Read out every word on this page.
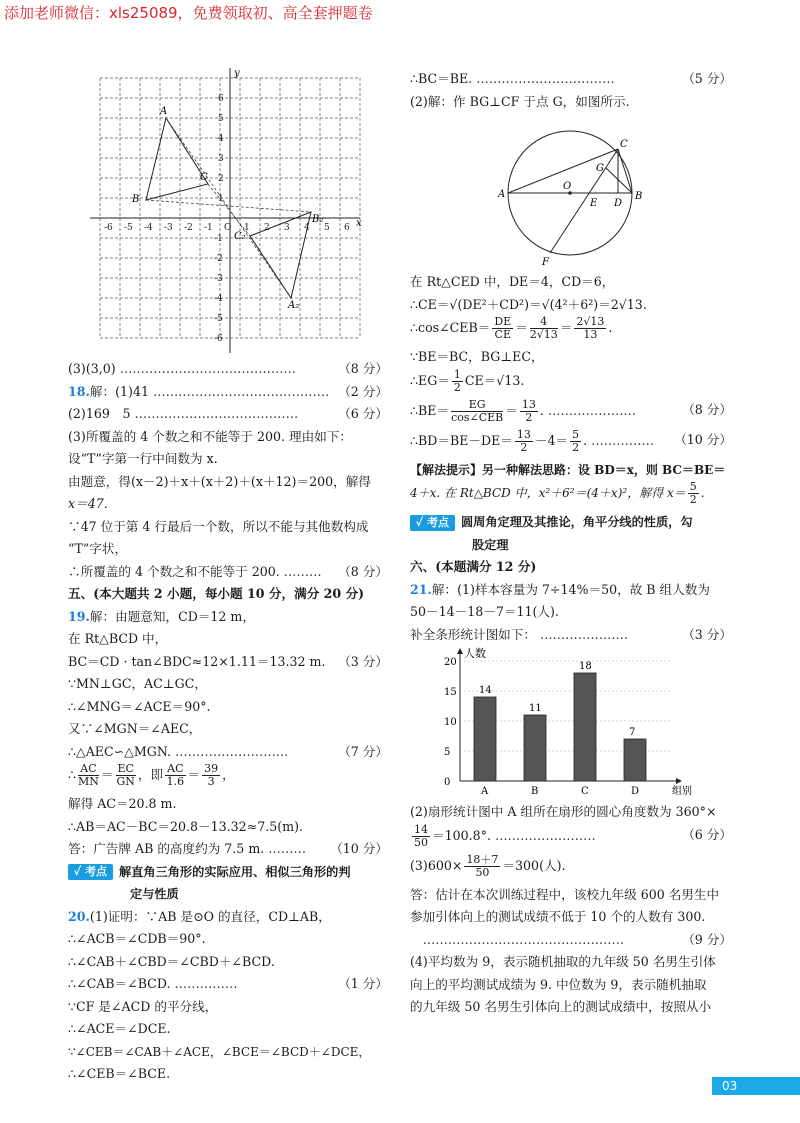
添加老师微信：xls25089，免费领取初、高全套押题卷
-6 -5 -4 -3 -2 -1 O 1 2 3 4 5 6
6
5
4
3
2
1
-1
-2
-3
-4
-5
-6
x
y
A
B
C
A₂
B₂
C₂
(3)(3,0) ……………………………………	（8 分）
18.解：(1)41 …………………………………… （2 分）
(2)169　5 …………………………………	（6 分）
(3)所覆盖的 4 个数之和不能等于 200. 理由如下：
设“T”字第一行中间数为 x.
由题意，得(x－2)＋x＋(x＋2)＋(x＋12)＝200，解得
x＝47.
∵47 位于第 4 行最后一个数，所以不能与其他数构成
“T”字状，
∴所覆盖的 4 个数之和不能等于 200. ……… （8 分）
五、(本大题共 2 小题，每小题 10 分，满分 20 分)
19.解：由题意知，CD＝12 m，
在 Rt△BCD 中，
BC＝CD · tan∠BDC≈12×1.11＝13.32 m. （3 分）
∵MN⊥GC，AC⊥GC，
∴∠MNG＝∠ACE＝90°.
又∵∠MGN＝∠AEC，
∴△AEC∽△MGN. ………………………	（7 分）
∴ $\frac{AC}{MN} = \frac{EC}{GN}$ ，即 $\frac{AC}{1.6} = \frac{39}{3}$ ，
解得 AC＝20.8 m.
∴AB＝AC－BC＝20.8－13.32≈7.5(m).
答：广告牌 AB 的高度约为 7.5 m. ……… （10 分）
✓ 考点 解直角三角形的实际应用、相似三角形的判
定与性质
20.(1)证明：∵AB 是⊙O 的直径，CD⊥AB，
∴∠ACB＝∠CDB＝90°.
∴∠CAB＋∠CBD＝∠CBD＋∠BCD.
∴∠CAB＝∠BCD. ……………	（1 分）
∵CF 是∠ACD 的平分线，
∴∠ACE＝∠DCE.
∵∠CEB＝∠CAB＋∠ACE，∠BCE＝∠BCD＋∠DCE，
∴∠CEB＝∠BCE.
∴BC＝BE. ……………………………	（5 分）
(2)解：作 BG⊥CF 于点 G，如图所示.
A
O
E D
B
C
G
F
在 Rt△CED 中，DE＝4，CD＝6，
∴CE＝√(DE²＋CD²)＝√(4²＋6²)＝2√13.
∴cos∠CEB＝ $\frac{DE}{CE} = \frac{4}{2√13} = \frac{2√13}{13}$ .
∵BE＝BC，BG⊥EC，
∴EG＝ $\frac{1}{2} CE=√13$.
∴BE＝ $\frac{EG}{\text{cos∠CEB}} = \frac{13}{2}$ . …………………	（8 分）
∴BD＝BE－DE＝ $\frac{13}{2} -4= \frac{5}{2}$ . …………… （10 分）
【解法提示】另一种解法思路：设 BD＝x，则 BC＝BE＝
4＋x. 在 Rt△BCD 中，x²＋6²＝(4＋x)²，解得 $x= \frac{5}{2}$ .
✓ 考点 圆周角定理及其推论，角平分线的性质，勾
股定理
六、(本题满分 12 分)
21.解：(1)样本容量为 7÷14%＝50，故 B 组人数为
50－14－18－7＝11(人).
补全条形统计图如下： …………………	（3 分）
人数
组别
0
5
10
15
20
14
A
11
B
18
C
7
D
(2)扇形统计图中 A 组所在扇形的圆心角度数为 360°×
$\frac{14}{50} =100.8^\circ$. ……………………	（6 分）
$(3)600\times \frac{18+7}{50} =300$(人).
答：估计在本次训练过程中，该校九年级 600 名男生中
参加引体向上的测试成绩不低于 10 个的人数有 300.
　…………………………………………	（9 分）
(4)平均数为 9，表示随机抽取的九年级 50 名男生引体
向上的平均测试成绩为 9. 中位数为 9，表示随机抽取
的九年级 50 名男生引体向上的测试成绩中，按照从小
03
